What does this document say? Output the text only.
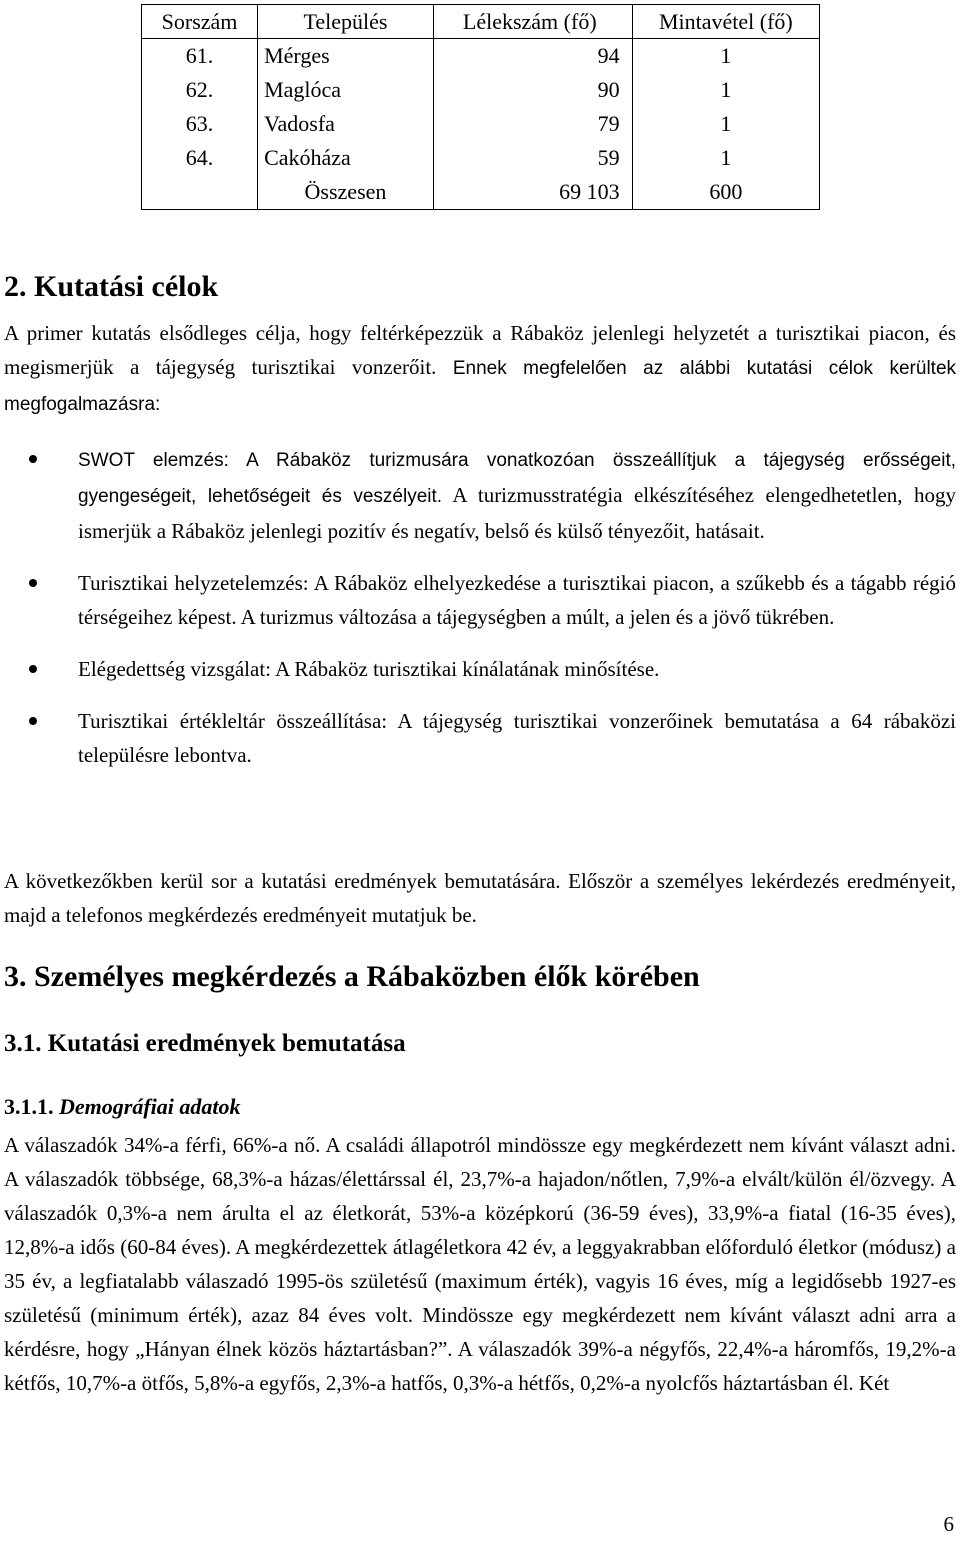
Sorszám	Település	Lélekszám (fő)	Mintavétel (fő)
61.	Mérges	94	1
62.	Maglóca	90	1
63.	Vadosfa	79	1
64.	Cakóháza	59	1
	Összesen	69 103	600
2. Kutatási célok

A primer kutatás elsődleges célja, hogy feltérképezzük a Rábaköz jelenlegi helyzetét a turisztikai piacon, és megismerjük a tájegység turisztikai vonzerőit. Ennek megfelelően az alábbi kutatási célok kerültek megfogalmazásra:

SWOT elemzés: A Rábaköz turizmusára vonatkozóan összeállítjuk a tájegység erősségeit, gyengeségeit, lehetőségeit és veszélyeit. A turizmusstratégia elkészítéséhez elengedhetetlen, hogy ismerjük a Rábaköz jelenlegi pozitív és negatív, belső és külső tényezőit, hatásait.
Turisztikai helyzetelemzés: A Rábaköz elhelyezkedése a turisztikai piacon, a szűkebb és a tágabb régió térségeihez képest. A turizmus változása a tájegységben a múlt, a jelen és a jövő tükrében.
Elégedettség vizsgálat: A Rábaköz turisztikai kínálatának minősítése.
Turisztikai értékleltár összeállítása: A tájegység turisztikai vonzerőinek bemutatása a 64 rábaközi településre lebontva.

A következőkben kerül sor a kutatási eredmények bemutatására. Először a személyes lekérdezés eredményeit, majd a telefonos megkérdezés eredményeit mutatjuk be.

3. Személyes megkérdezés a Rábaközben élők körében
3.1. Kutatási eredmények bemutatása
3.1.1. Demográfiai adatok

A válaszadók 34%-a férfi, 66%-a nő. A családi állapotról mindössze egy megkérdezett nem kívánt választ adni. A válaszadók többsége, 68,3%-a házas/élettárssal él, 23,7%-a hajadon/nőtlen, 7,9%-a elvált/külön él/özvegy. A válaszadók 0,3%-a nem árulta el az életkorát, 53%-a középkorú (36-59 éves), 33,9%-a fiatal (16-35 éves), 12,8%-a idős (60-84 éves). A megkérdezettek átlagéletkora 42 év, a leggyakrabban előforduló életkor (módusz) a 35 év, a legfiatalabb válaszadó 1995-ös születésű (maximum érték), vagyis 16 éves, míg a legidősebb 1927-es születésű (minimum érték), azaz 84 éves volt. Mindössze egy megkérdezett nem kívánt választ adni arra a kérdésre, hogy „Hányan élnek közös háztartásban?”. A válaszadók 39%-a négyfős, 22,4%-a háromfős, 19,2%-a kétfős, 10,7%-a ötfős, 5,8%-a egyfős, 2,3%-a hatfős, 0,3%-a hétfős, 0,2%-a nyolcfős háztartásban él. Két

6
